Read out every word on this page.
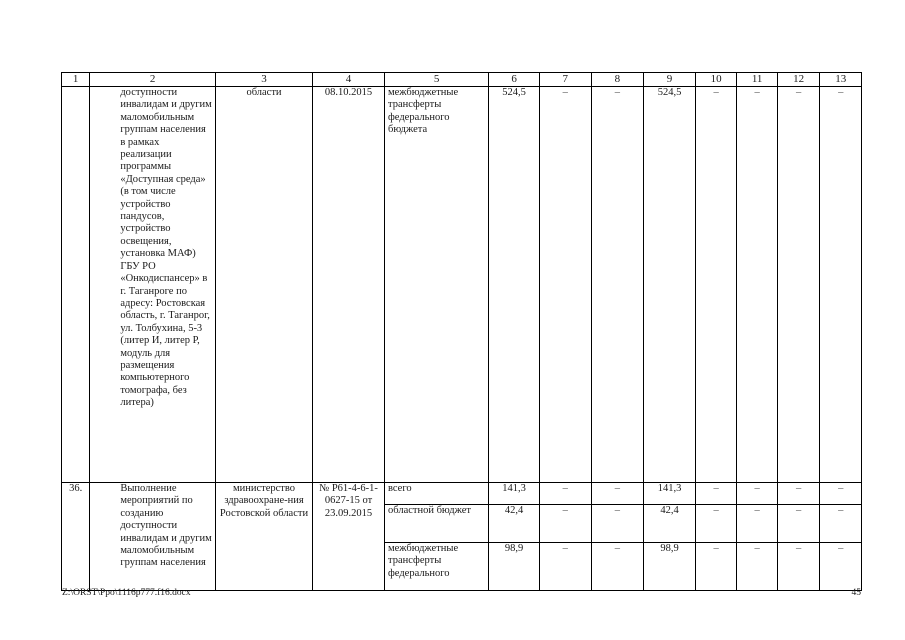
1	2	3	4	5	6	7	8	9	10	11	12	13
	доступности инвалидам и другим маломобильным группам населения в рамках реализации программы «Доступная среда» (в том числе устройство пандусов, устройство освещения, установка МАФ) ГБУ РО «Онкодиспансер» в г. Таганроге по адресу: Ростовская область, г. Таганрог, ул. Толбухина, 5-3 (литер И, литер Р, модуль для размещения компьютерного томографа, без литера)	области	08.10.2015	межбюджетные трансферты федерального бюджета	524,5	–	–	524,5	–	–	–	–
36.	Выполнение мероприятий по созданию доступности инвалидам и другим маломобильным группам населения	министерство здравоохране-ния Ростовской области	№ Р61-4-6-1-0627-15 от 23.09.2015	всего	141,3	–	–	141,3	–	–	–	–
				областной бюджет	42,4	–	–	42,4	–	–	–	–
				межбюджетные трансферты федерального	98,9	–	–	98,9	–	–	–	–
Z:\ORST\Ppo\1116p777.f16.docx	45
